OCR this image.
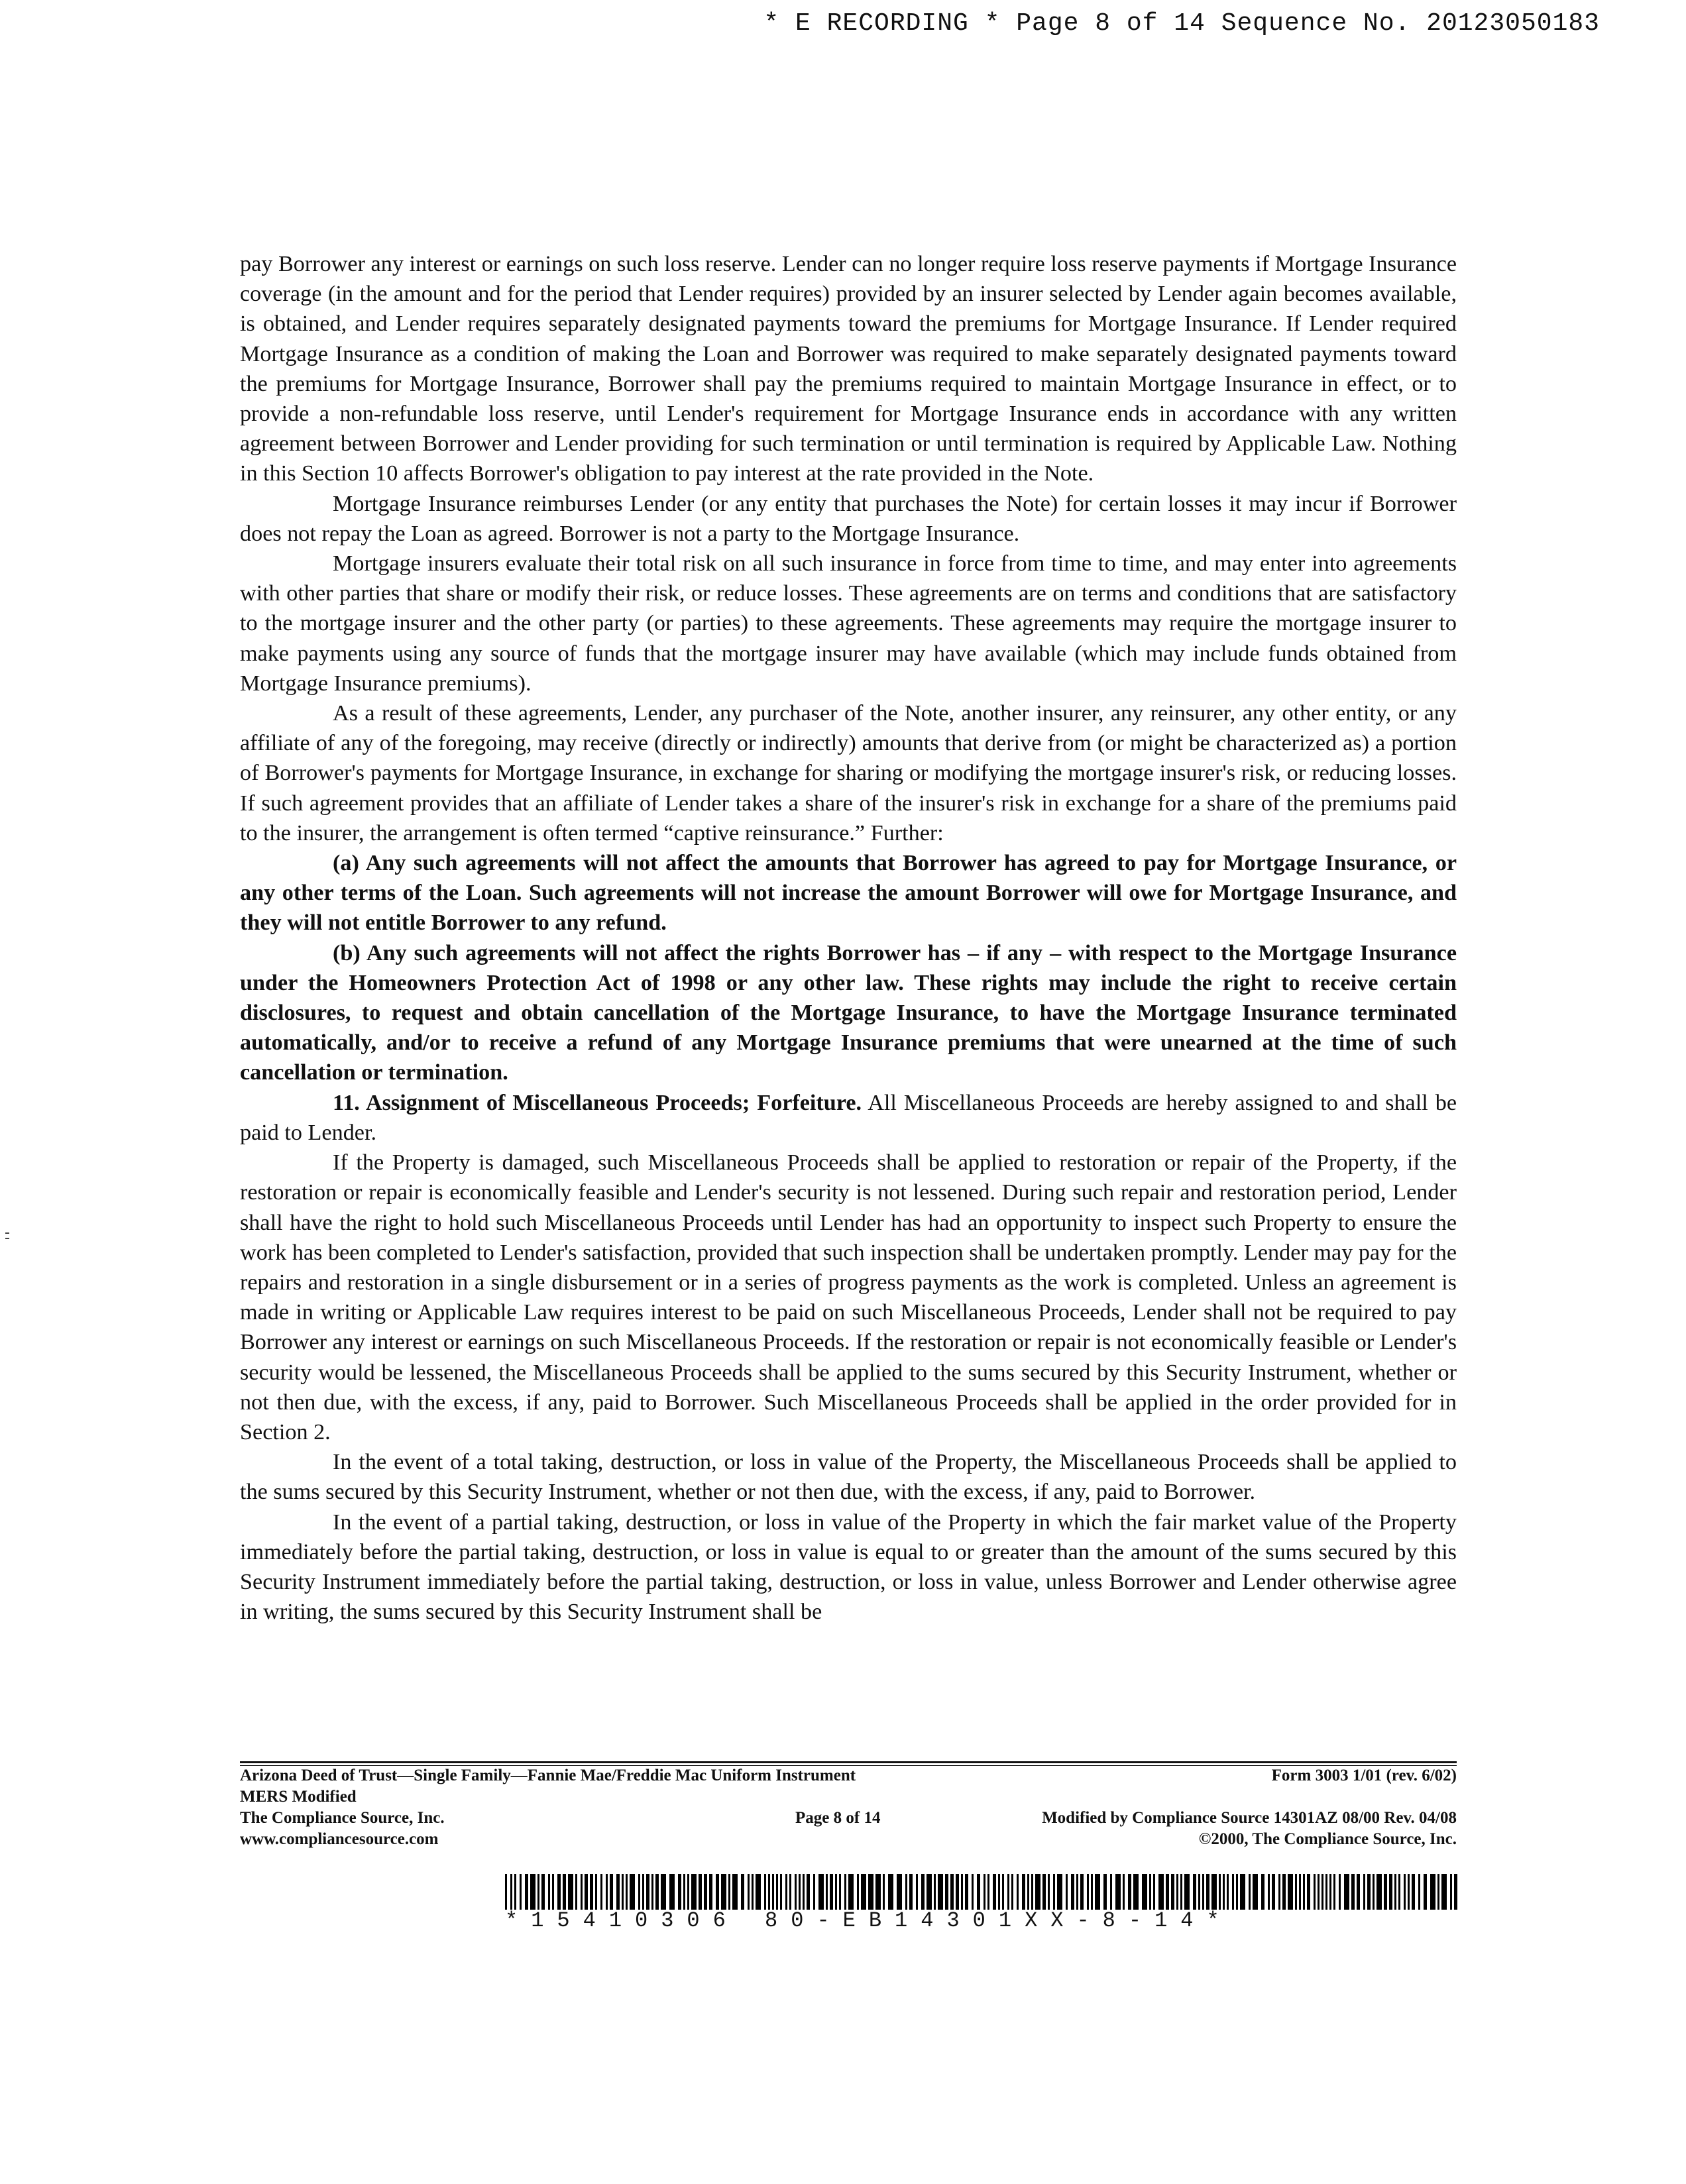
* E RECORDING * Page 8 of 14 Sequence No. 20123050183

pay Borrower any interest or earnings on such loss reserve. Lender can no longer require loss reserve payments if Mortgage Insurance coverage (in the amount and for the period that Lender requires) provided by an insurer selected by Lender again becomes available, is obtained, and Lender requires separately designated payments toward the premiums for Mortgage Insurance. If Lender required Mortgage Insurance as a condition of making the Loan and Borrower was required to make separately designated payments toward the premiums for Mortgage Insurance, Borrower shall pay the premiums required to maintain Mortgage Insurance in effect, or to provide a non-refundable loss reserve, until Lender's requirement for Mortgage Insurance ends in accordance with any written agreement between Borrower and Lender providing for such termination or until termination is required by Applicable Law. Nothing in this Section 10 affects Borrower's obligation to pay interest at the rate provided in the Note.

Mortgage Insurance reimburses Lender (or any entity that purchases the Note) for certain losses it may incur if Borrower does not repay the Loan as agreed. Borrower is not a party to the Mortgage Insurance.

Mortgage insurers evaluate their total risk on all such insurance in force from time to time, and may enter into agreements with other parties that share or modify their risk, or reduce losses. These agreements are on terms and conditions that are satisfactory to the mortgage insurer and the other party (or parties) to these agreements. These agreements may require the mortgage insurer to make payments using any source of funds that the mortgage insurer may have available (which may include funds obtained from Mortgage Insurance premiums).

As a result of these agreements, Lender, any purchaser of the Note, another insurer, any reinsurer, any other entity, or any affiliate of any of the foregoing, may receive (directly or indirectly) amounts that derive from (or might be characterized as) a portion of Borrower's payments for Mortgage Insurance, in exchange for sharing or modifying the mortgage insurer's risk, or reducing losses. If such agreement provides that an affiliate of Lender takes a share of the insurer's risk in exchange for a share of the premiums paid to the insurer, the arrangement is often termed “captive reinsurance.” Further:

(a) Any such agreements will not affect the amounts that Borrower has agreed to pay for Mortgage Insurance, or any other terms of the Loan. Such agreements will not increase the amount Borrower will owe for Mortgage Insurance, and they will not entitle Borrower to any refund.

(b) Any such agreements will not affect the rights Borrower has – if any – with respect to the Mortgage Insurance under the Homeowners Protection Act of 1998 or any other law. These rights may include the right to receive certain disclosures, to request and obtain cancellation of the Mortgage Insurance, to have the Mortgage Insurance terminated automatically, and/or to receive a refund of any Mortgage Insurance premiums that were unearned at the time of such cancellation or termination.

11. Assignment of Miscellaneous Proceeds; Forfeiture. All Miscellaneous Proceeds are hereby assigned to and shall be paid to Lender.

If the Property is damaged, such Miscellaneous Proceeds shall be applied to restoration or repair of the Property, if the restoration or repair is economically feasible and Lender's security is not lessened. During such repair and restoration period, Lender shall have the right to hold such Miscellaneous Proceeds until Lender has had an opportunity to inspect such Property to ensure the work has been completed to Lender's satisfaction, provided that such inspection shall be undertaken promptly. Lender may pay for the repairs and restoration in a single disbursement or in a series of progress payments as the work is completed. Unless an agreement is made in writing or Applicable Law requires interest to be paid on such Miscellaneous Proceeds, Lender shall not be required to pay Borrower any interest or earnings on such Miscellaneous Proceeds. If the restoration or repair is not economically feasible or Lender's security would be lessened, the Miscellaneous Proceeds shall be applied to the sums secured by this Security Instrument, whether or not then due, with the excess, if any, paid to Borrower. Such Miscellaneous Proceeds shall be applied in the order provided for in Section 2.

In the event of a total taking, destruction, or loss in value of the Property, the Miscellaneous Proceeds shall be applied to the sums secured by this Security Instrument, whether or not then due, with the excess, if any, paid to Borrower.

In the event of a partial taking, destruction, or loss in value of the Property in which the fair market value of the Property immediately before the partial taking, destruction, or loss in value is equal to or greater than the amount of the sums secured by this Security Instrument immediately before the partial taking, destruction, or loss in value, unless Borrower and Lender otherwise agree in writing, the sums secured by this Security Instrument shall be

Arizona Deed of Trust—Single Family—Fannie Mae/Freddie Mac Uniform Instrument	Form 3003 1/01 (rev. 6/02)
MERS Modified
The Compliance Source, Inc.	Page 8 of 14	Modified by Compliance Source 14301AZ 08/00 Rev. 04/08
www.compliancesource.com	©2000, The Compliance Source, Inc.
*15410306 80-EB14301XX-8-14*
